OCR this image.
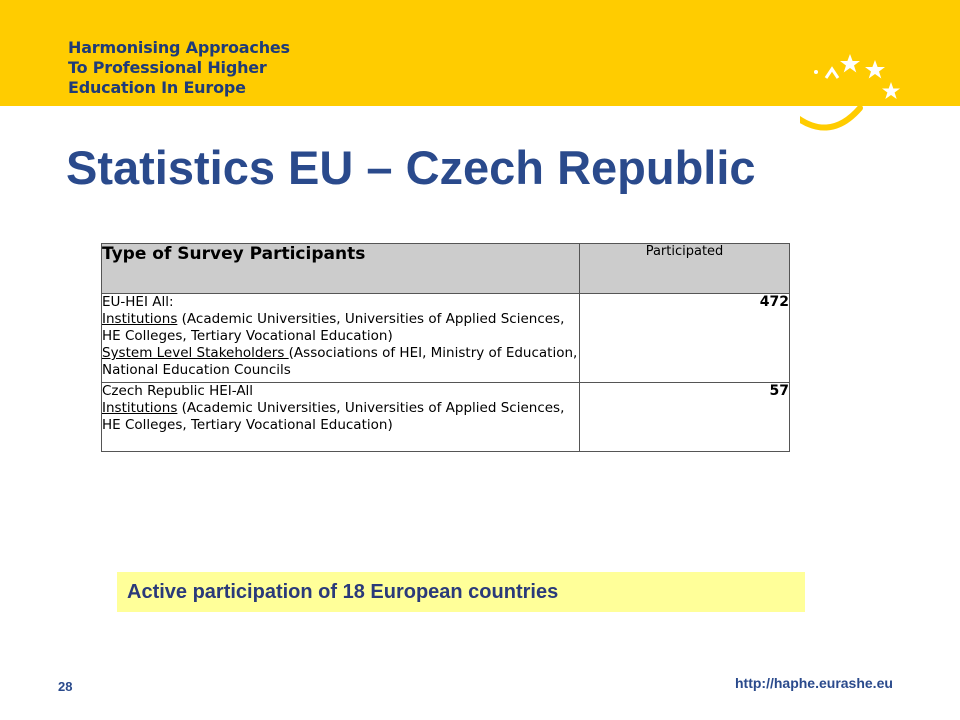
Harmonising Approaches
To Professional Higher
Education In Europe
Statistics EU – Czech Republic
Type of Survey Participants	Participated

EU-HEI All:
Institutions (Academic Universities, Universities of Applied Sciences, HE Colleges, Tertiary Vocational Education)
System Level Stakeholders (Associations of HEI, Ministry of Education, National Education Councils	472

Czech Republic HEI-All
Institutions (Academic Universities, Universities of Applied Sciences, HE Colleges, Tertiary Vocational Education)	57
Active participation of 18 European countries
28	http://haphe.eurashe.eu
